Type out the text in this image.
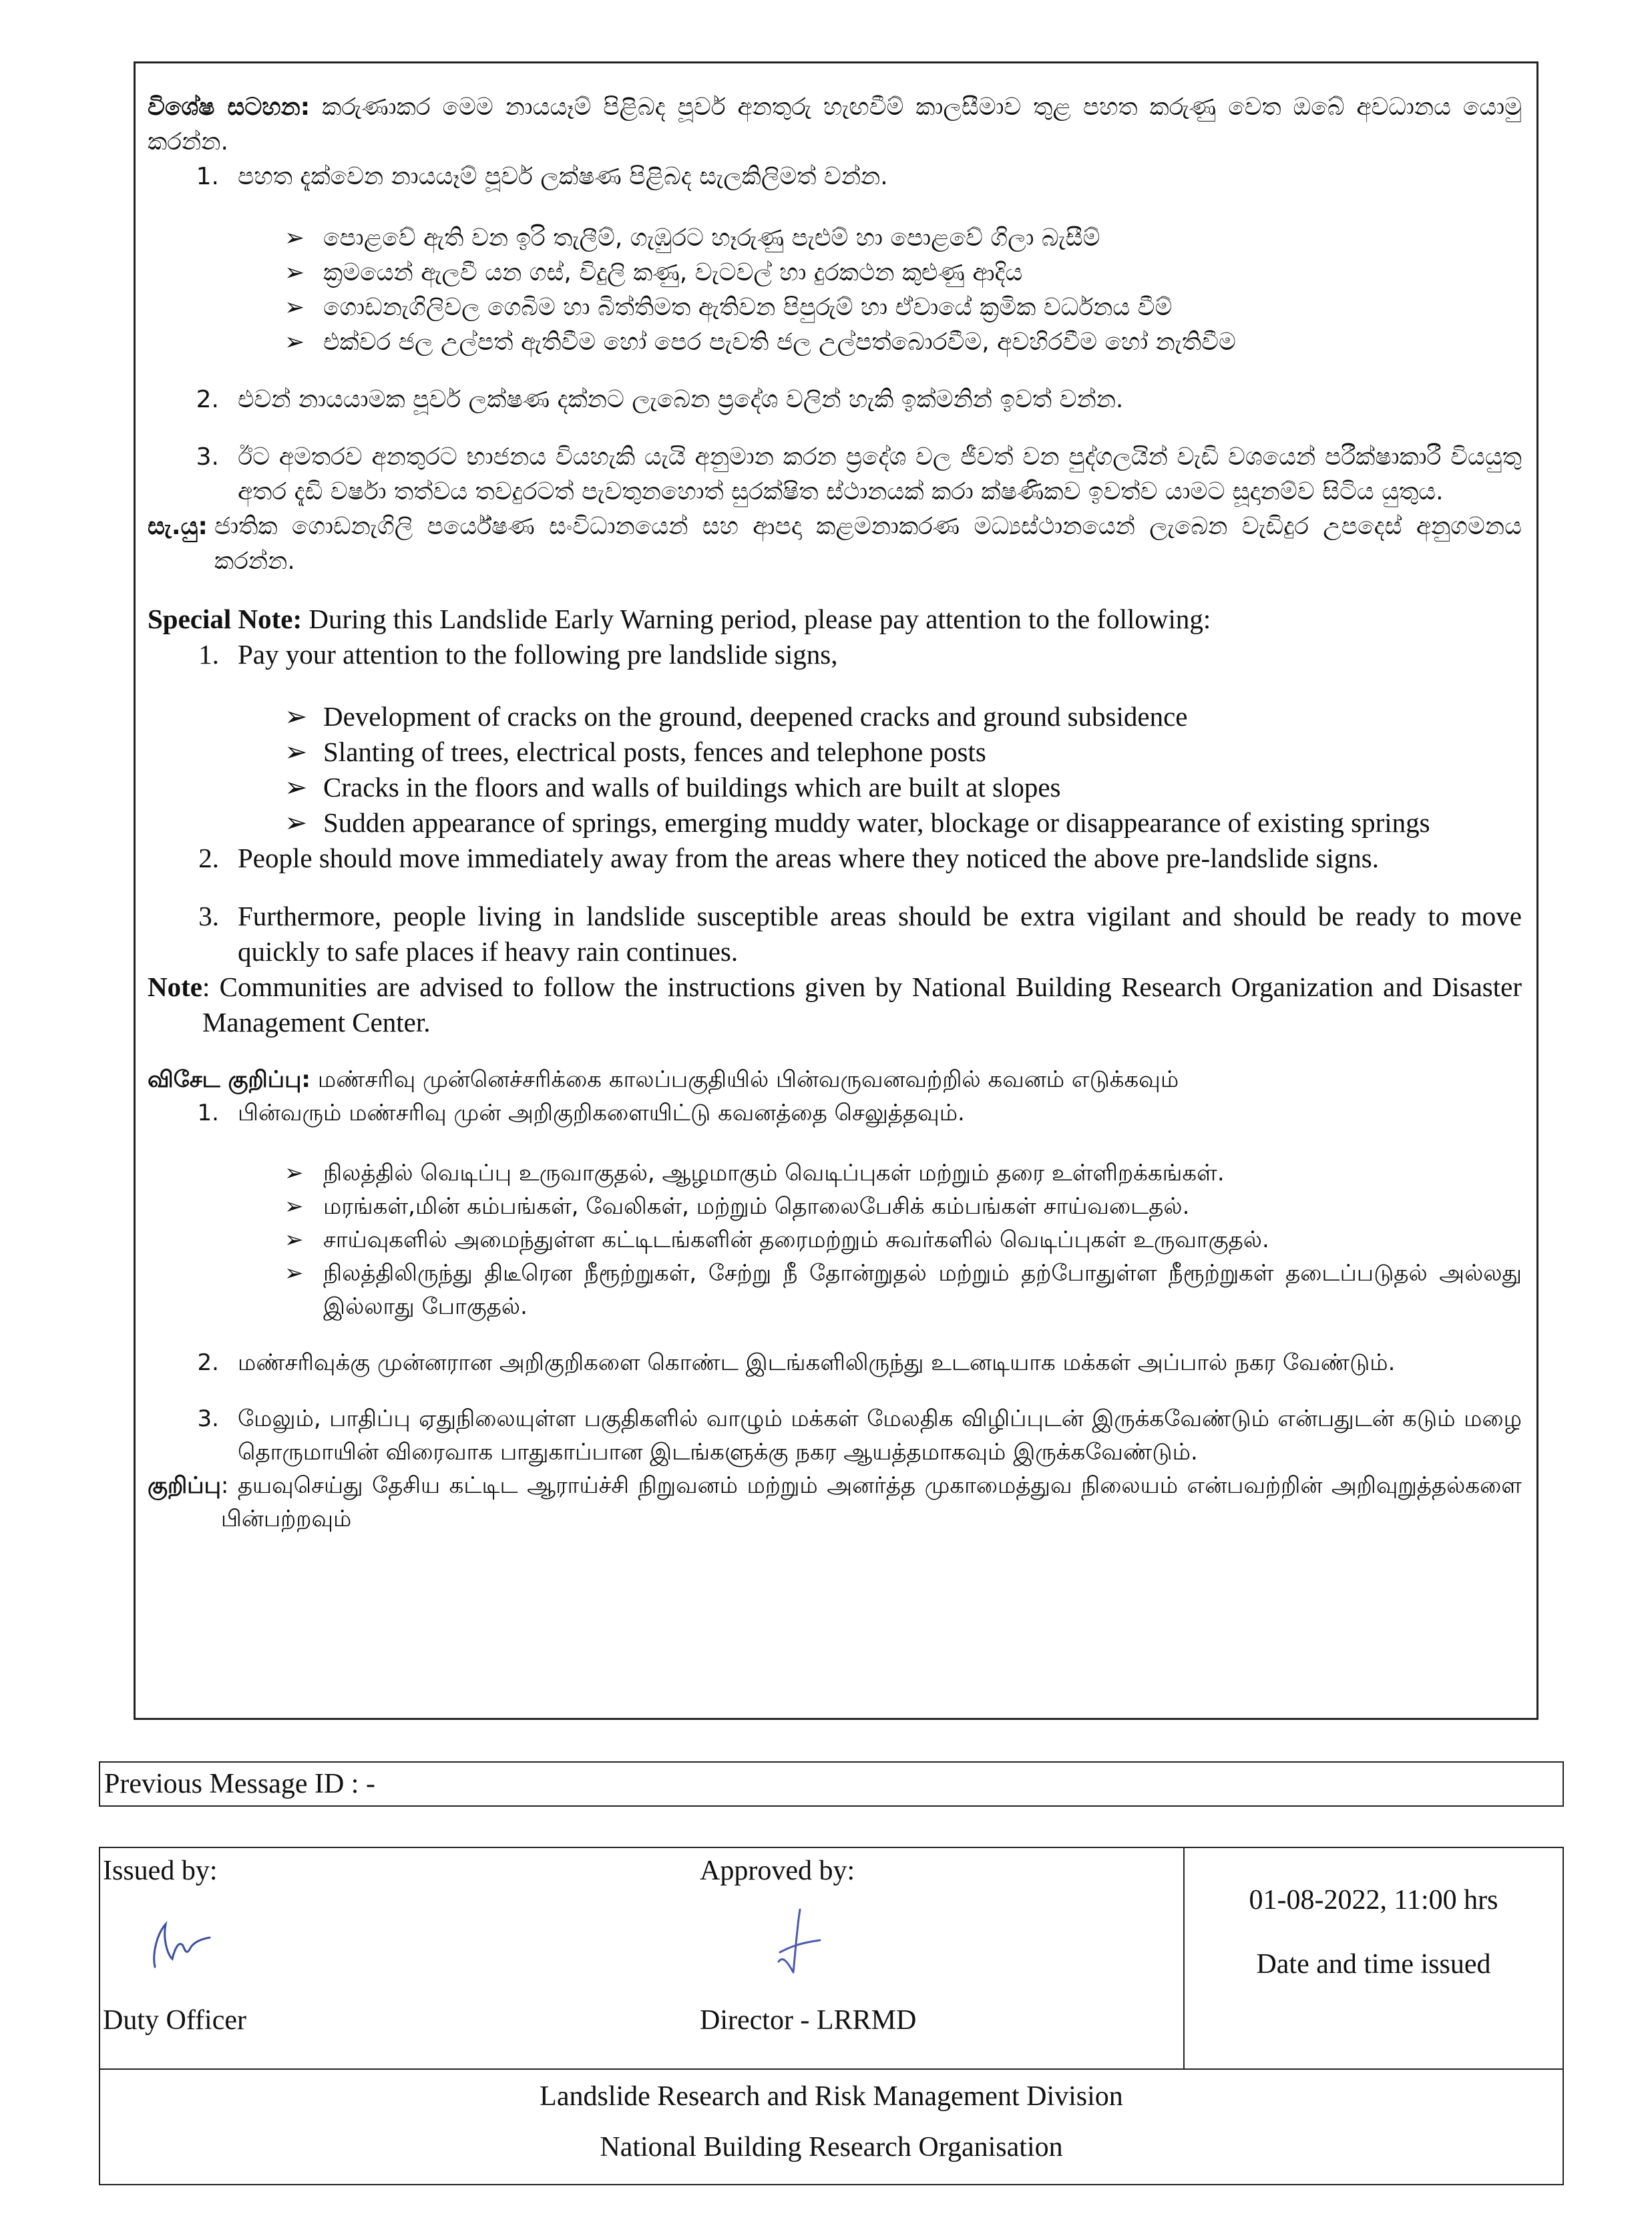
විශේෂ සටහන: කරුණාකර මෙම නායයෑම් පිළිබද පූර්ව අනතුරු හැඟවීම් කාලසීමාව තුළ පහත කරුණු වෙත ඔබේ අවධානය යොමු කරන්න.

1. පහත දැක්වෙන නායයෑම් පූර්ව ලක්ෂණ පිළිබද සැලකිලිමත් වන්න.
➢ පොළවේ ඇති වන ඉරි තැලීම්, ගැඹුරට හෑරුණු පැළුම් හා පොළවේ ගිලා බැසීම්
➢ ක්‍රමයෙන් ඇලවී යන ගස්, විදුලි කණු, වැටවල් හා දුරකථන කුළුණු ආදිය
➢ ගොඩනැගිලිවල ගෙබිම හා බිත්තිමත ඇතිවන පිපුරුම් හා ඒවායේ ක්‍රමික වර්ධනය වීම්
➢ එක්වර ජල උල්පත් ඇතිවීම හෝ පෙර පැවති ජල උල්පත්බොරවීම, අවහිරවීම හෝ නැතිවීම
2. එවන් නායයාමක පූර්ව ලක්ෂණ දක්නට ලැබෙන ප්‍රදේශ වලින් හැකි ඉක්මනින් ඉවත් වන්න.
3. ඊට අමතරව අනතුරට භාජනය වියහැකි යැයි අනුමාන කරන ප්‍රදේශ වල ජීවත් වන පුද්ගලයින් වැඩි වශයෙන් පරීක්ෂාකාරී වියයුතු අතර දැඩි වර්ෂා තත්වය තවදුරටත් පැවතුනහොත් සුරක්ෂිත ස්ථානයක් කරා ක්ෂණිකව ඉවත්ව යාමට සූදානම්ව සිටිය යුතුය.
සැ.යු: ජාතික ගොඩනැගිලි පර්යේෂණ සංවිධානයෙන් සහ ආපදා කළමනාකරණ මධ්‍යස්ථානයෙන් ලැබෙන වැඩිදුර උපදෙස් අනුගමනය කරන්න.

Special Note: During this Landslide Early Warning period, please pay attention to the following:

1. Pay your attention to the following pre landslide signs,
➢ Development of cracks on the ground, deepened cracks and ground subsidence
➢ Slanting of trees, electrical posts, fences and telephone posts
➢ Cracks in the floors and walls of buildings which are built at slopes
➢ Sudden appearance of springs, emerging muddy water, blockage or disappearance of existing springs
2. People should move immediately away from the areas where they noticed the above pre-landslide signs.
3. Furthermore, people living in landslide susceptible areas should be extra vigilant and should be ready to move quickly to safe places if heavy rain continues.
Note : Communities are advised to follow the instructions given by National Building Research Organization and Disaster Management Center.

விசேட குறிப்பு: மண்சரிவு முன்னெச்சரிக்கை காலப்பகுதியில் பின்வருவனவற்றில் கவனம் எடுக்கவும்

1. பின்வரும் மண்சரிவு முன் அறிகுறிகளையிட்டு கவனத்தை செலுத்தவும்.
➢ நிலத்தில் வெடிப்பு உருவாகுதல், ஆழமாகும் வெடிப்புகள் மற்றும் தரை உள்ளிறக்கங்கள்.
➢ மரங்கள்,மின் கம்பங்கள், வேலிகள், மற்றும் தொலைபேசிக் கம்பங்கள் சாய்வடைதல்.
➢ சாய்வுகளில் அமைந்துள்ள கட்டிடங்களின் தரைமற்றும் சுவர்களில் வெடிப்புகள் உருவாகுதல்.
➢ நிலத்திலிருந்து திடீரென நீரூற்றுகள், சேற்று நீ தோன்றுதல் மற்றும் தற்போதுள்ள நீரூற்றுகள் தடைப்படுதல் அல்லது இல்லாது போகுதல்.
2. மண்சரிவுக்கு முன்னரான அறிகுறிகளை கொண்ட இடங்களிலிருந்து உடனடியாக மக்கள் அப்பால் நகர வேண்டும்.
3. மேலும், பாதிப்பு ஏதுநிலையுள்ள பகுதிகளில் வாழும் மக்கள் மேலதிக விழிப்புடன் இருக்கவேண்டும் என்பதுடன் கடும் மழை தொருமாயின் விரைவாக பாதுகாப்பான இடங்களுக்கு நகர ஆயத்தமாகவும் இருக்கவேண்டும்.
குறிப்பு : தயவுசெய்து தேசிய கட்டிட ஆராய்ச்சி நிறுவனம் மற்றும் அனர்த்த முகாமைத்துவ நிலையம் என்பவற்றின் அறிவுறுத்தல்களை பின்பற்றவும்
Previous Message ID : -
Issued by:
Duty Officer
Approved by:
Director - LRRMD
01-08-2022, 11:00 hrs
Date and time issued
Landslide Research and Risk Management Division
National Building Research Organisation
